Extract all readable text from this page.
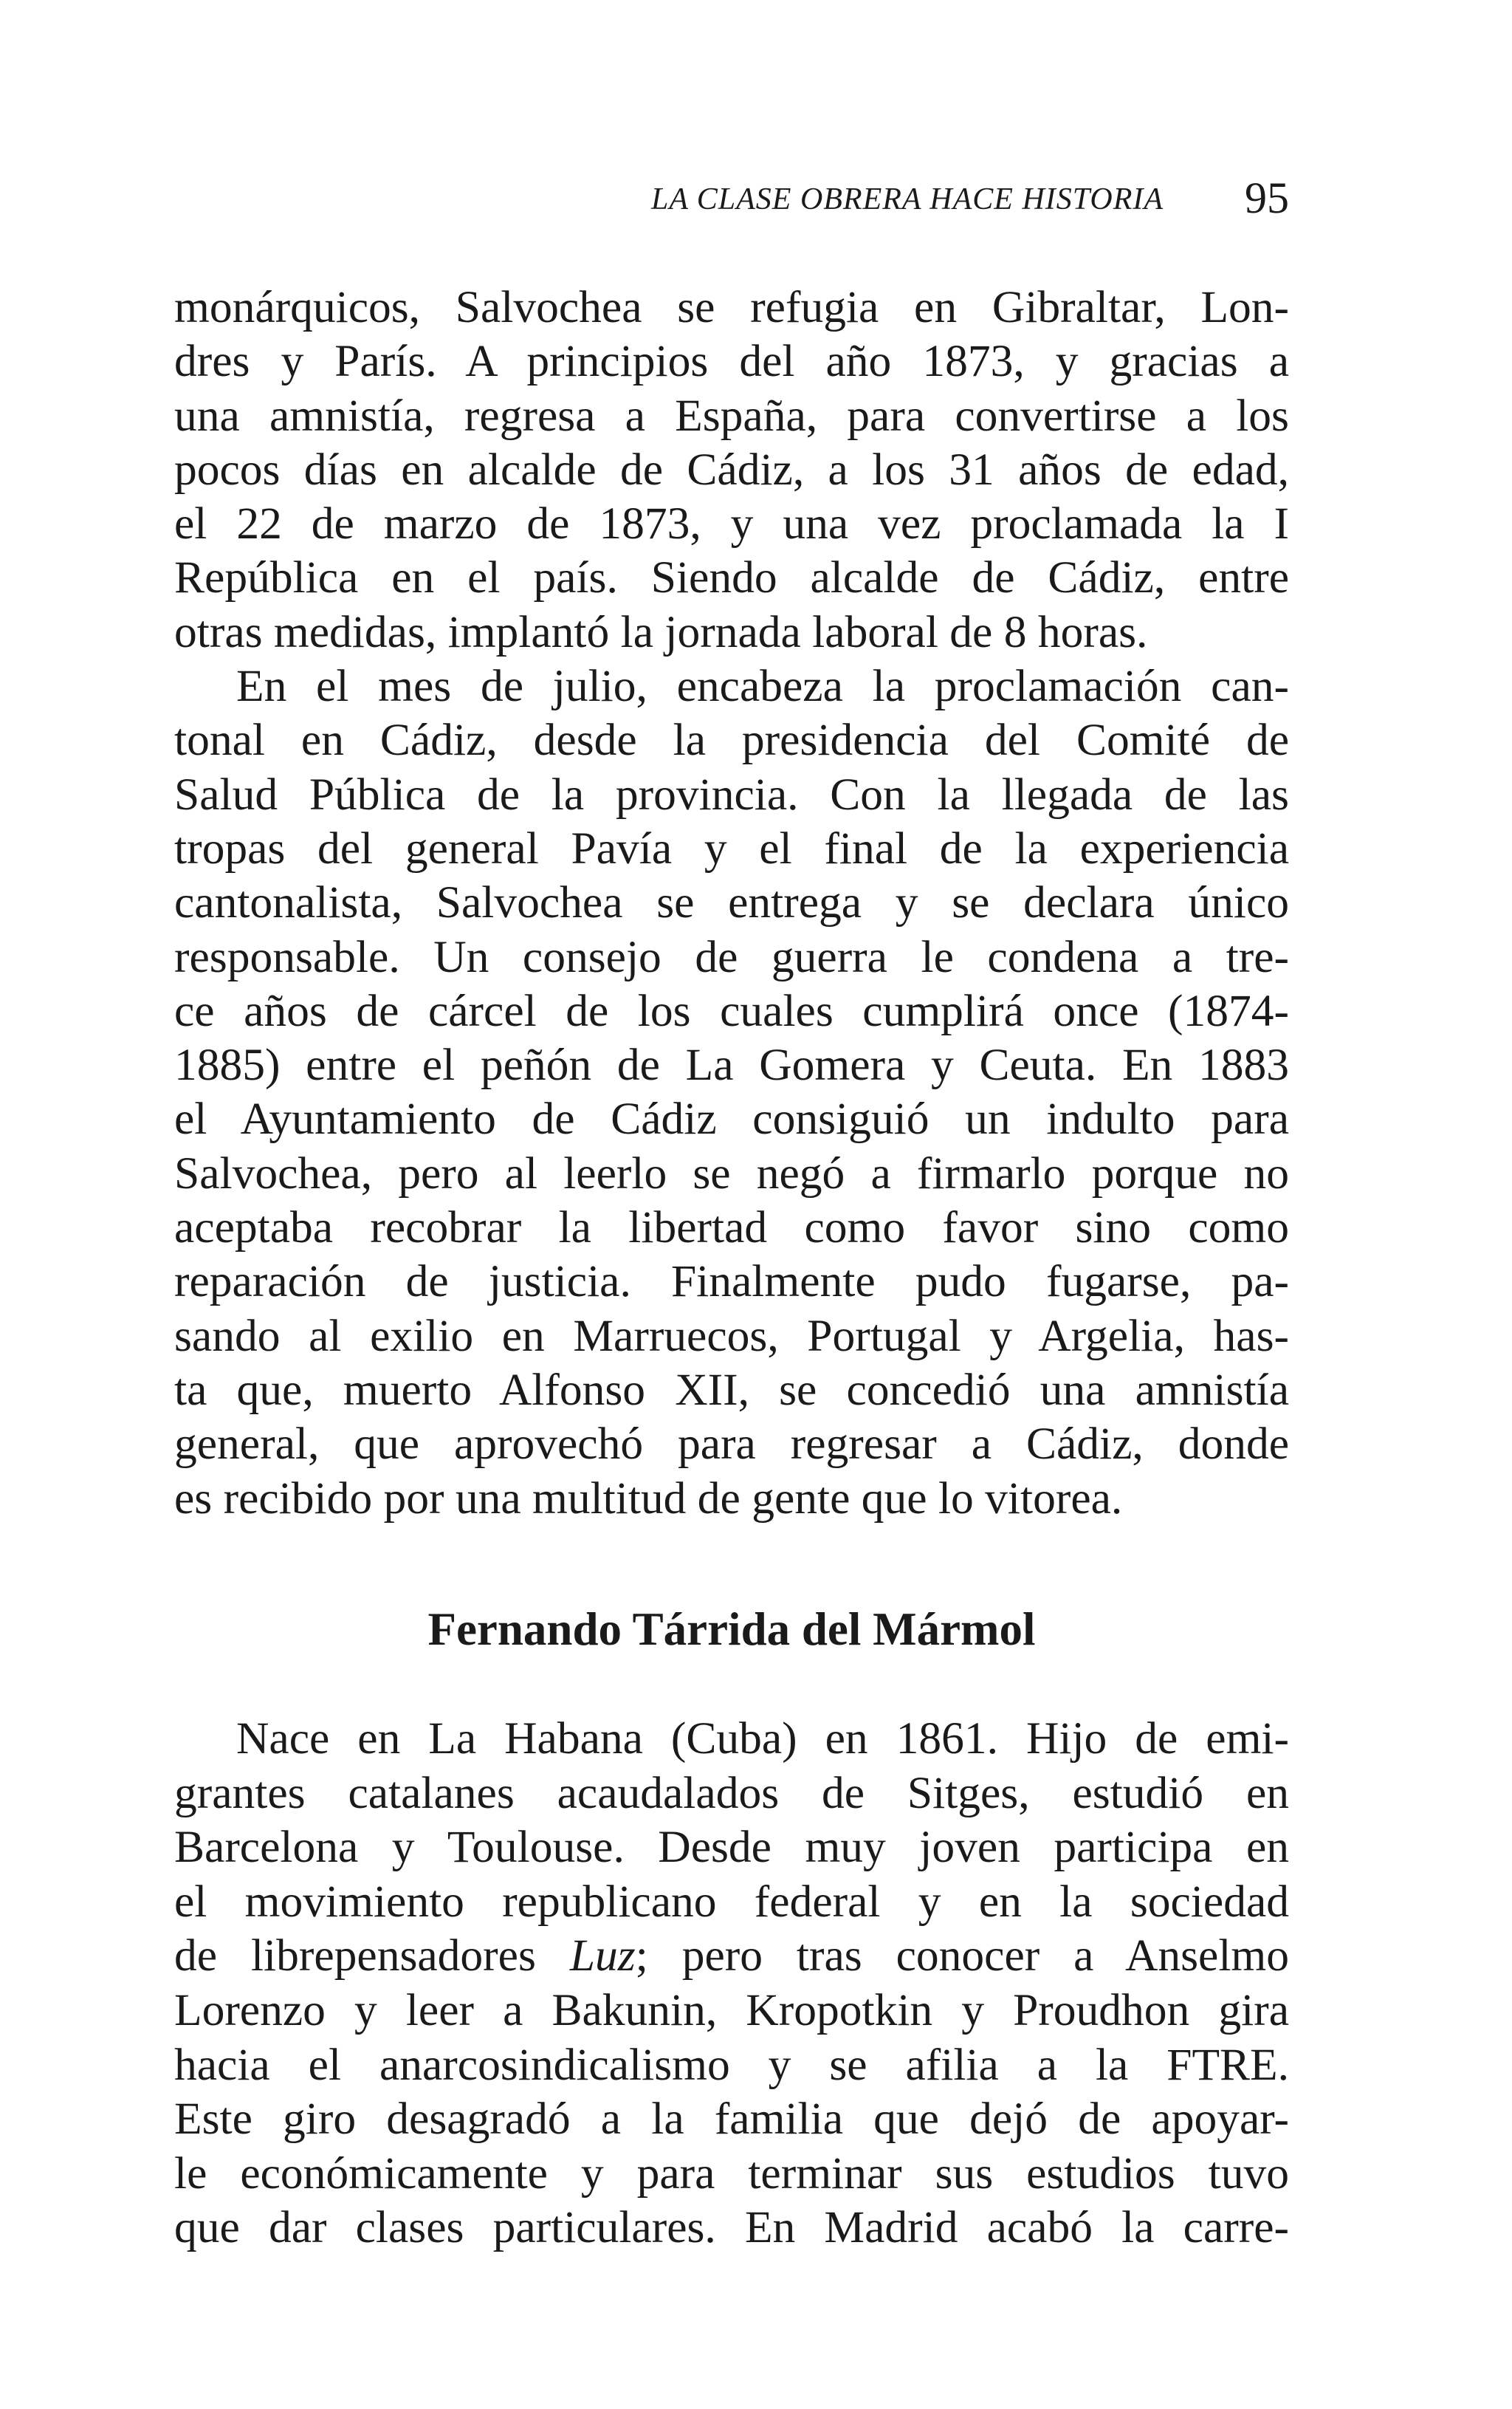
LA CLASE OBRERA HACE HISTORIA 95
monárquicos, Salvochea se refugia en Gibraltar, Lon-
dres y París. A principios del año 1873, y gracias a
una amnistía, regresa a España, para convertirse a los
pocos días en alcalde de Cádiz, a los 31 años de edad,
el 22 de marzo de 1873, y una vez proclamada la I
República en el país. Siendo alcalde de Cádiz, entre
otras medidas, implantó la jornada laboral de 8 horas.
En el mes de julio, encabeza la proclamación can-
tonal en Cádiz, desde la presidencia del Comité de
Salud Pública de la provincia. Con la llegada de las
tropas del general Pavía y el final de la experiencia
cantonalista, Salvochea se entrega y se declara único
responsable. Un consejo de guerra le condena a tre-
ce años de cárcel de los cuales cumplirá once (1874-
1885) entre el peñón de La Gomera y Ceuta. En 1883
el Ayuntamiento de Cádiz consiguió un indulto para
Salvochea, pero al leerlo se negó a firmarlo porque no
aceptaba recobrar la libertad como favor sino como
reparación de justicia. Finalmente pudo fugarse, pa-
sando al exilio en Marruecos, Portugal y Argelia, has-
ta que, muerto Alfonso XII, se concedió una amnistía
general, que aprovechó para regresar a Cádiz, donde
es recibido por una multitud de gente que lo vitorea.
Fernando Tárrida del Mármol
Nace en La Habana (Cuba) en 1861. Hijo de emi-
grantes catalanes acaudalados de Sitges, estudió en
Barcelona y Toulouse. Desde muy joven participa en
el movimiento republicano federal y en la sociedad
de librepensadores Luz; pero tras conocer a Anselmo
Lorenzo y leer a Bakunin, Kropotkin y Proudhon gira
hacia el anarcosindicalismo y se afilia a la FTRE.
Este giro desagradó a la familia que dejó de apoyar-
le económicamente y para terminar sus estudios tuvo
que dar clases particulares. En Madrid acabó la carre-
